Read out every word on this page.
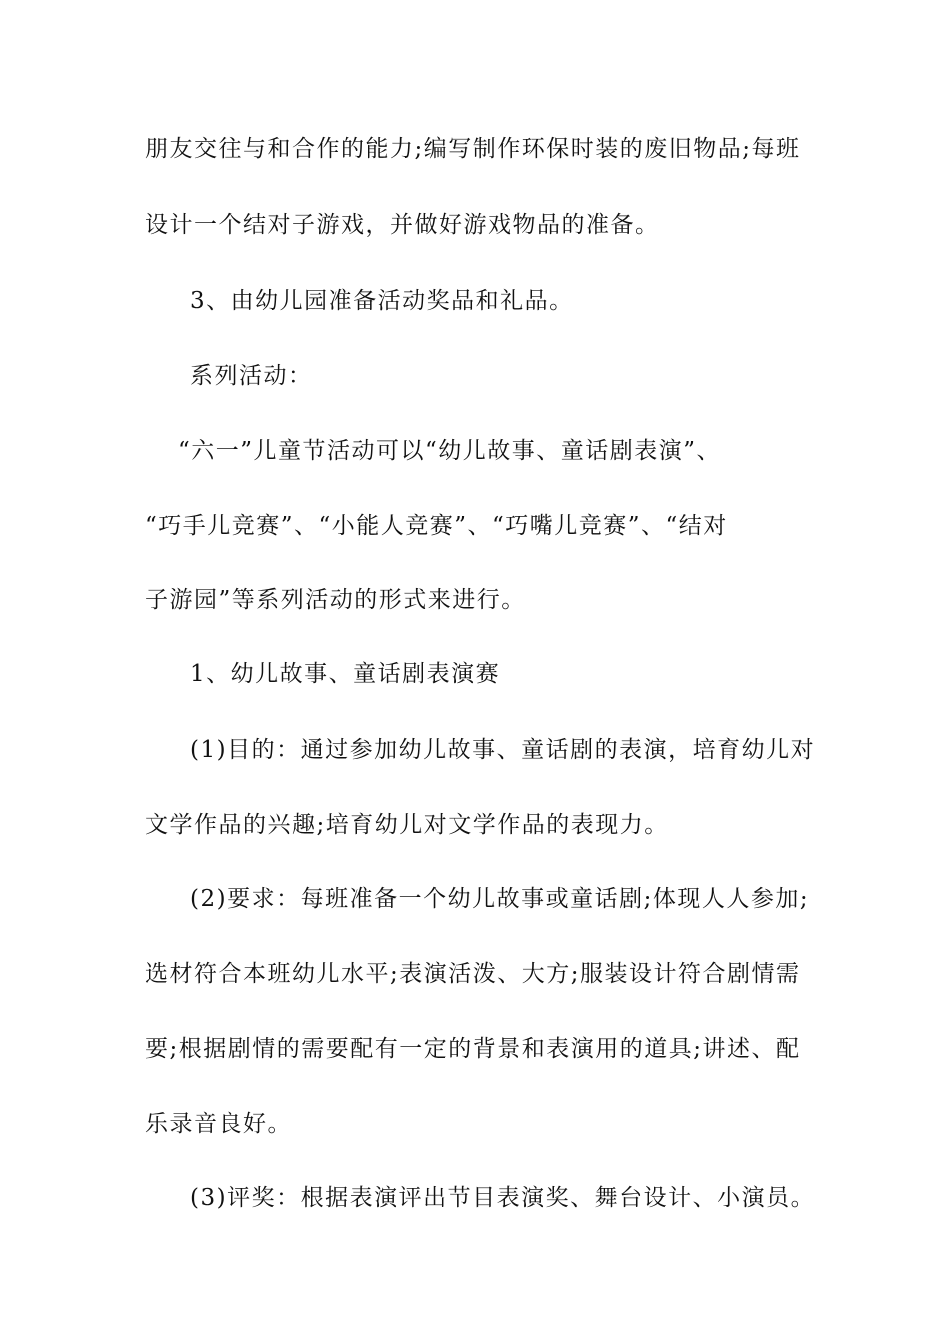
朋友交往与和合作的能力;编写制作环保时装的废旧物品;每班
设计一个结对子游戏，并做好游戏物品的准备。
3、由幼儿园准备活动奖品和礼品。
系列活动：
“六一”儿童节活动可以“幼儿故事、童话剧表演”、
“巧手儿竞赛”、“小能人竞赛”、“巧嘴儿竞赛”、“结对
子游园”等系列活动的形式来进行。
1、幼儿故事、童话剧表演赛
(1)目的：通过参加幼儿故事、童话剧的表演，培育幼儿对
文学作品的兴趣;培育幼儿对文学作品的表现力。
(2)要求：每班准备一个幼儿故事或童话剧;体现人人参加;
选材符合本班幼儿水平;表演活泼、大方;服装设计符合剧情需
要;根据剧情的需要配有一定的背景和表演用的道具;讲述、配
乐录音良好。
(3)评奖：根据表演评出节目表演奖、舞台设计、小演员。
